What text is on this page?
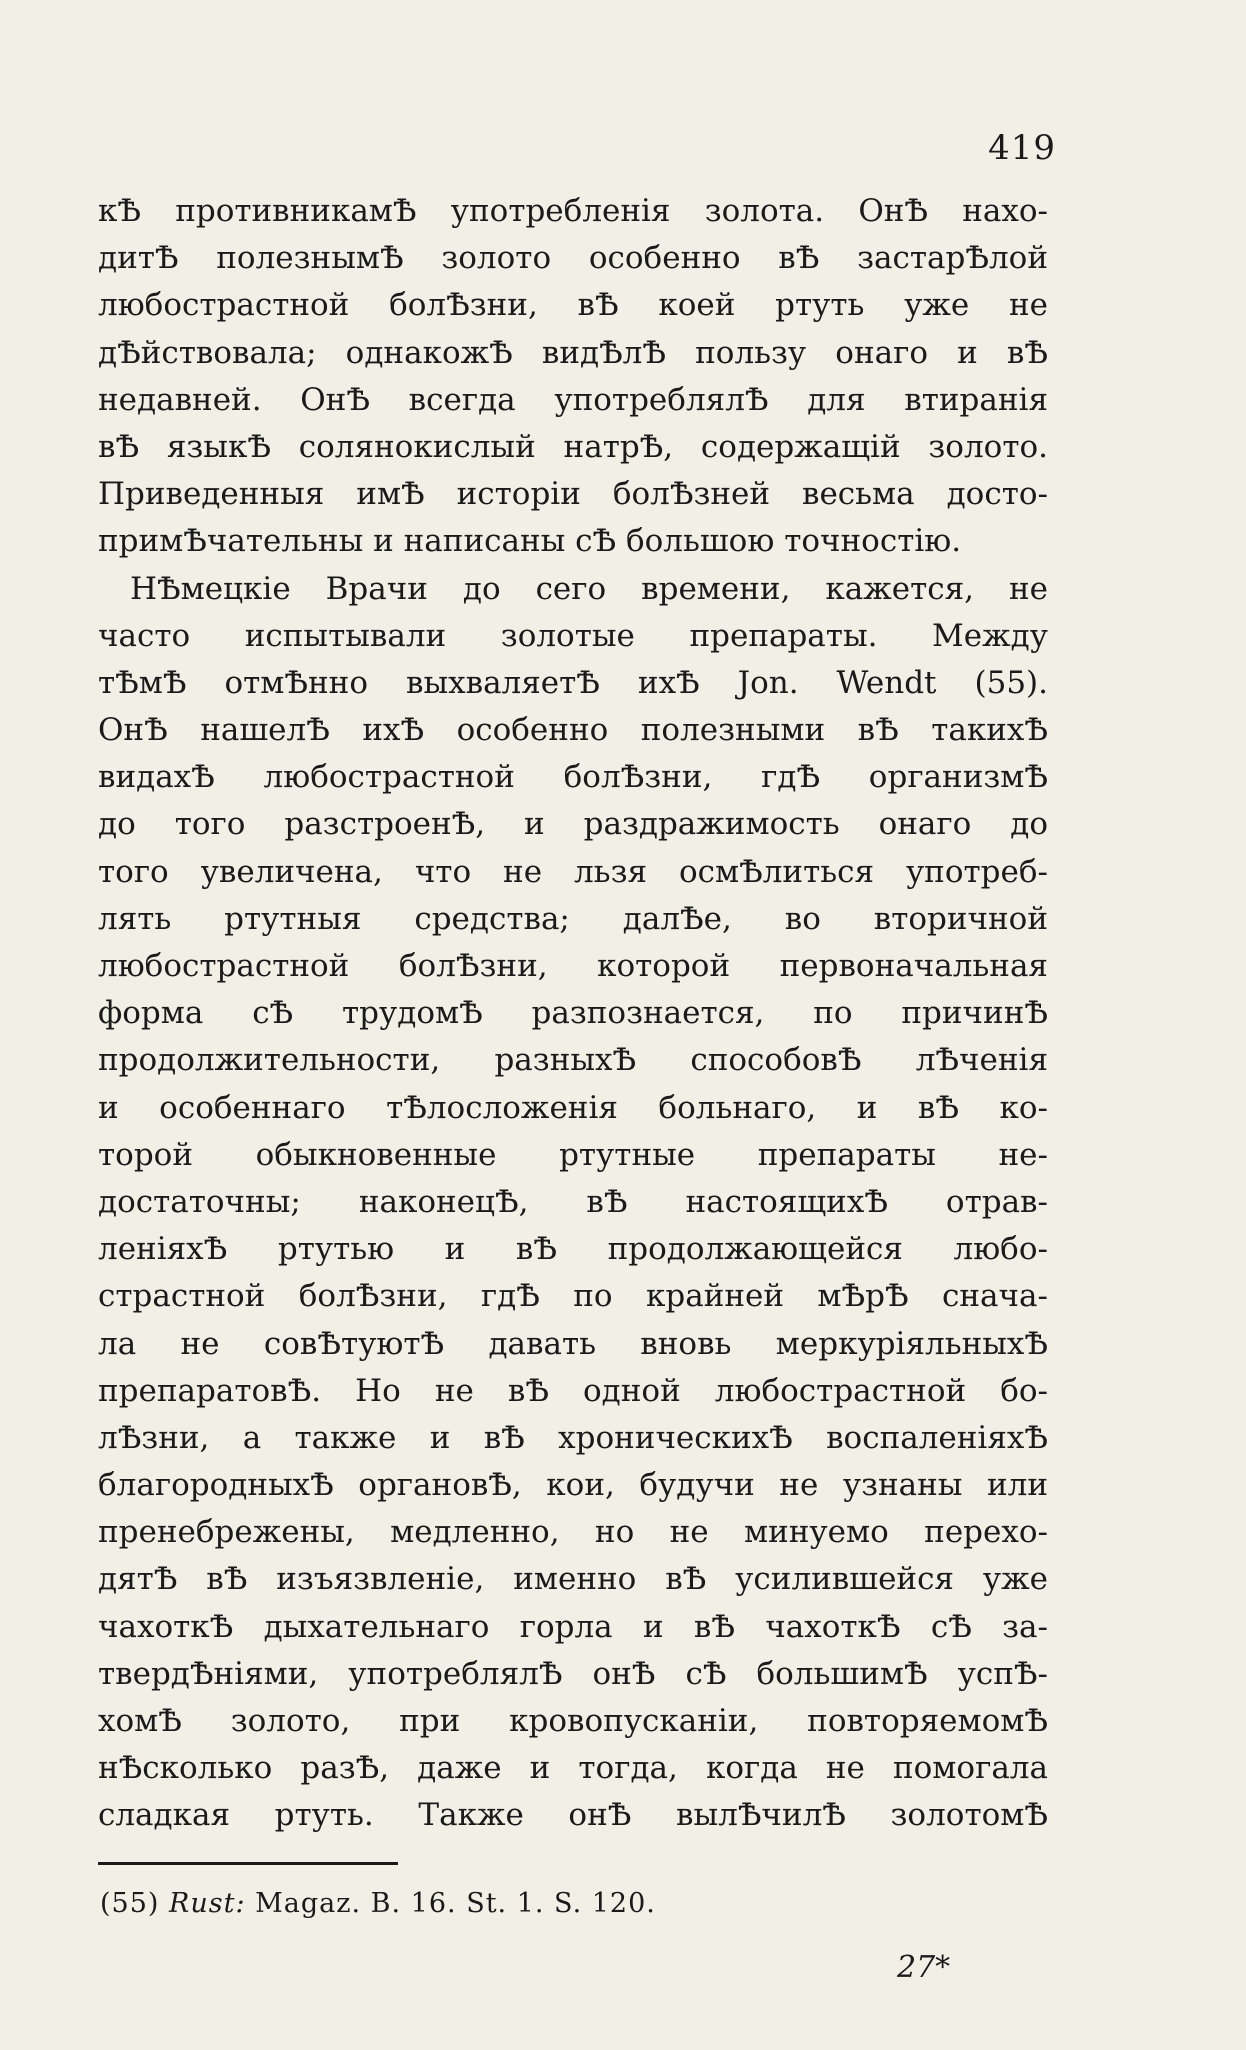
419
кѢ противникамѢ употребленія золота. ОнѢ нахо-
дитѢ полезнымѢ золото особенно вѢ застарѢлой
любострастной болѢзни, вѢ коей ртуть уже не
дѢйствовала; однакожѢ видѢлѢ пользу онаго и вѢ
недавней. ОнѢ всегда употреблялѢ для втиранія
вѢ языкѢ солянокислый натрѢ, содержащій золото.
Приведенныя имѢ исторіи болѢзней весьма досто-
примѢчательны и написаны сѢ большою точностію.
НѢмецкіе Врачи до сего времени, кажется, не
часто испытывали золотые препараты. Между
тѢмѢ отмѢнно выхваляетѢ ихѢ Jon. Wendt (55).
ОнѢ нашелѢ ихѢ особенно полезными вѢ такихѢ
видахѢ любострастной болѢзни, гдѢ организмѢ
до того разстроенѢ, и раздражимость онаго до
того увеличена, что не льзя осмѢлиться употреб-
лять ртутныя средства; далѢе, во вторичной
любострастной болѢзни, которой первоначальная
форма сѢ трудомѢ разпознается, по причинѢ
продолжительности, разныхѢ способовѢ лѢченія
и особеннаго тѢлосложенія больнаго, и вѢ ко-
торой обыкновенные ртутные препараты не-
достаточны; наконецѢ, вѢ настоящихѢ отрав-
леніяхѢ ртутью и вѢ продолжающейся любо-
страстной болѢзни, гдѢ по крайней мѢрѢ снача-
ла не совѢтуютѢ давать вновь меркуріяльныхѢ
препаратовѢ. Но не вѢ одной любострастной бо-
лѢзни, а также и вѢ хроническихѢ воспаленіяхѢ
благородныхѢ органовѢ, кои, будучи не узнаны или
пренебрежены, медленно, но не минуемо перехо-
дятѢ вѢ изъязвленіе, именно вѢ усилившейся уже
чахоткѢ дыхательнаго горла и вѢ чахоткѢ сѢ за-
твердѢніями, употреблялѢ онѢ сѢ большимѢ успѢ-
хомѢ золото, при кровопусканіи, повторяемомѢ
нѢсколько разѢ, даже и тогда, когда не помогала
сладкая ртуть. Также онѢ вылѢчилѢ золотомѢ
(55) Rust: Magaz. B. 16. St. 1. S. 120.
27*
